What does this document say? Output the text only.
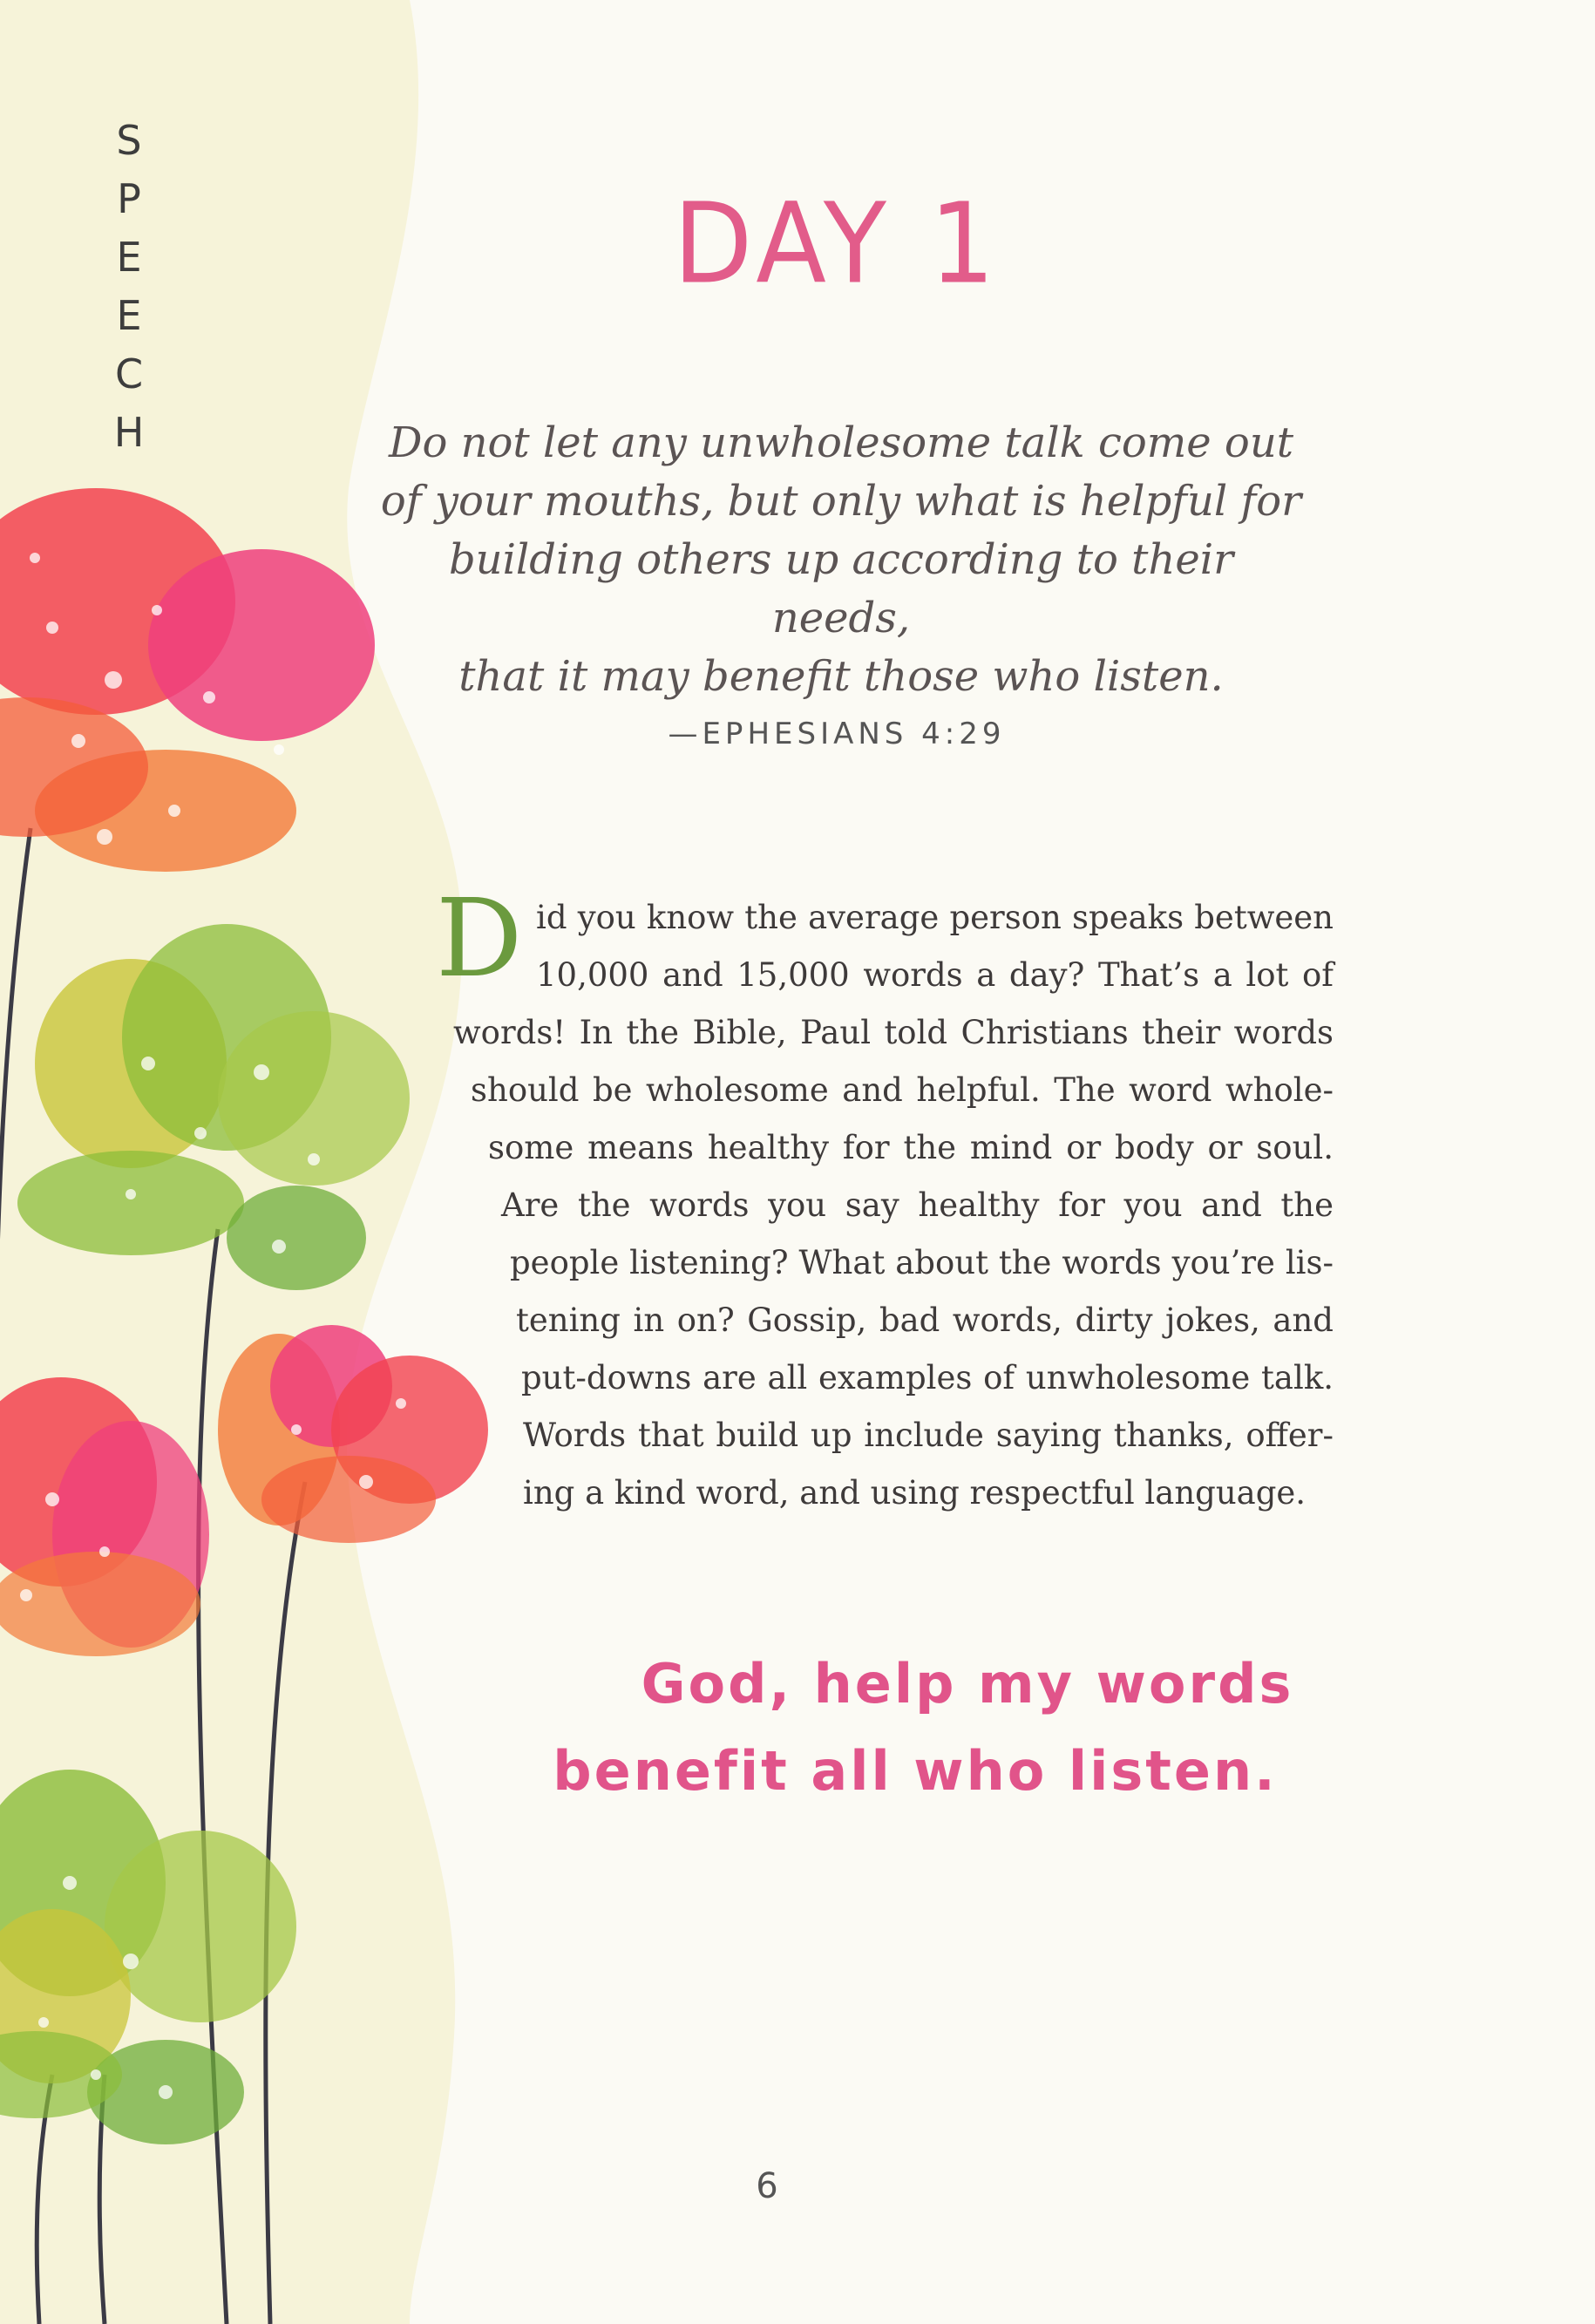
S
P
E
E
C
H
DAY 1
Do not let any unwholesome talk come out
of your mouths, but only what is helpful for
building others up according to their needs,
that it may benefit those who listen.
—EPHESIANS 4:29
D id you know the average person speaks between

10,000 and 15,000 words a day? That’s a lot of

words! In the Bible, Paul told Christians their words

should be wholesome and helpful. The word whole-

some means healthy for the mind or body or soul.

Are the words you say healthy for you and the

people listening? What about the words you’re lis-

tening in on? Gossip, bad words, dirty jokes, and

put-downs are all examples of unwholesome talk.

Words that build up include saying thanks, offer-

ing a kind word, and using respectful language.

God, help my words

benefit all who listen.

6
